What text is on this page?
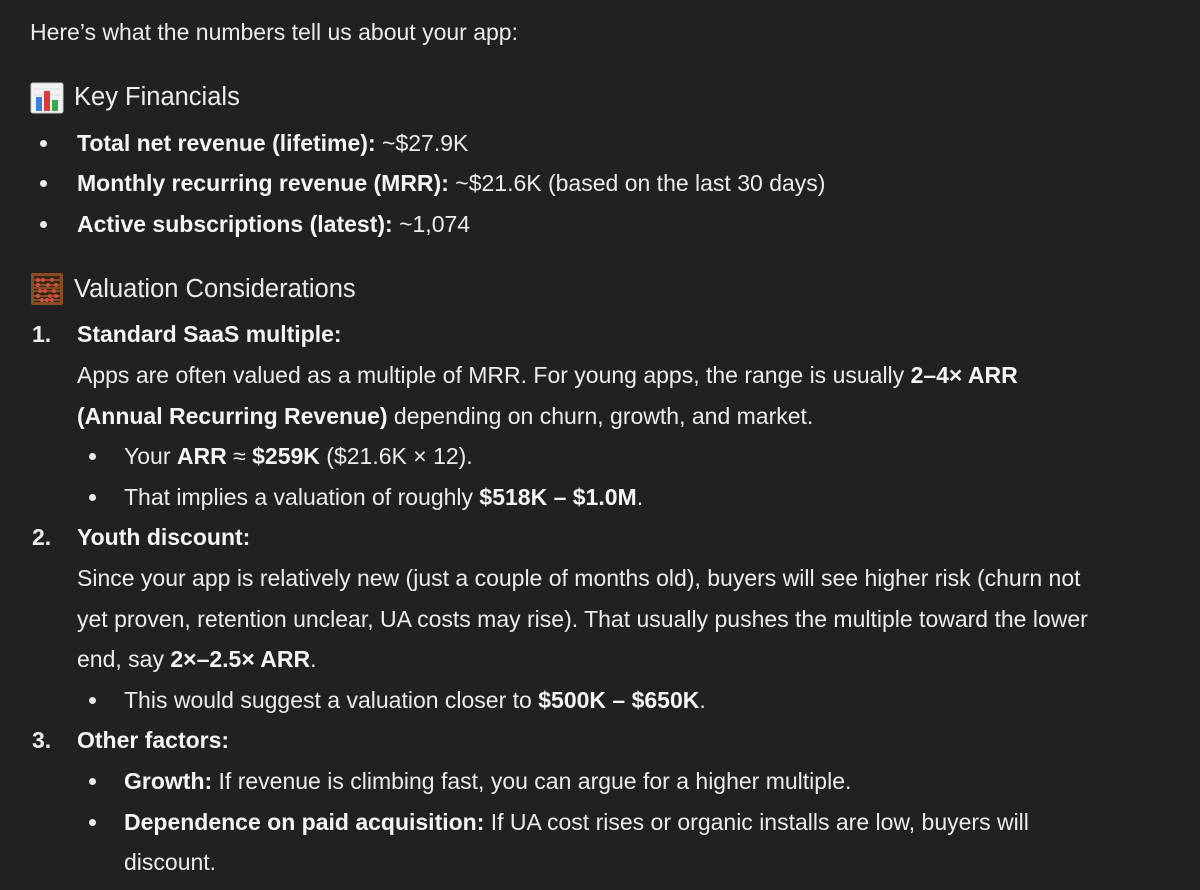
Here’s what the numbers tell us about your app:

Key Financials
Total net revenue (lifetime): ~$27.9K
Monthly recurring revenue (MRR): ~$21.6K (based on the last 30 days)
Active subscriptions (latest): ~1,074
Valuation Considerations
1. Standard SaaS multiple:

Apps are often valued as a multiple of MRR. For young apps, the range is usually 2–4× ARR
(Annual Recurring Revenue) depending on churn, growth, and market.

Your ARR ≈ $259K ($21.6K × 12).
That implies a valuation of roughly $518K – $1.0M.
2. Youth discount:

Since your app is relatively new (just a couple of months old), buyers will see higher risk (churn not
yet proven, retention unclear, UA costs may rise). That usually pushes the multiple toward the lower
end, say 2×–2.5× ARR.

This would suggest a valuation closer to $500K – $650K.
3. Other factors:
Growth: If revenue is climbing fast, you can argue for a higher multiple.
Dependence on paid acquisition: If UA cost rises or organic installs are low, buyers will
discount.
